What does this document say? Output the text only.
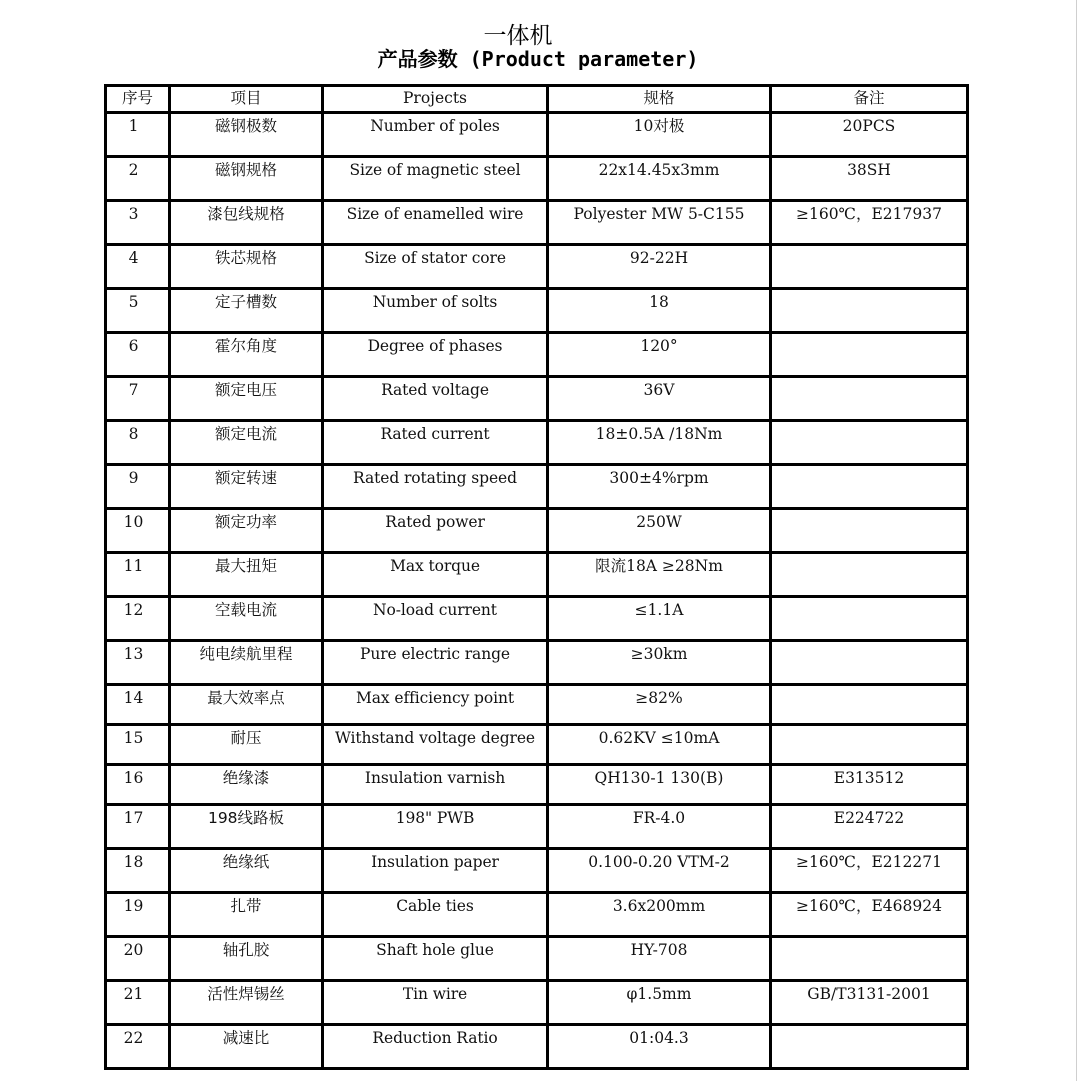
一体机
产品参数 (Product parameter)
序号	项目	Projects	规格	备注
1	磁钢极数	Number of poles	10对极	20PCS
2	磁钢规格	Size of magnetic steel	22x14.45x3mm	38SH
3	漆包线规格	Size of enamelled wire	Polyester MW 5-C155	≥160℃，E217937
4	铁芯规格	Size of stator core	92-22H	
5	定子槽数	Number of solts	18	
6	霍尔角度	Degree of phases	120°	
7	额定电压	Rated voltage	36V	
8	额定电流	Rated current	18±0.5A /18Nm	
9	额定转速	Rated rotating speed	300±4%rpm	
10	额定功率	Rated power	250W	
11	最大扭矩	Max torque	限流18A ≥28Nm	
12	空载电流	No-load current	≤1.1A	
13	纯电续航里程	Pure electric range	≥30km	
14	最大效率点	Max efficiency point	≥82%	
15	耐压	Withstand voltage degree	0.62KV ≤10mA	
16	绝缘漆	Insulation varnish	QH130-1 130(B)	E313512
17	198线路板	198" PWB	FR-4.0	E224722
18	绝缘纸	Insulation paper	0.100-0.20 VTM-2	≥160℃，E212271
19	扎带	Cable ties	3.6x200mm	≥160℃，E468924
20	轴孔胶	Shaft hole glue	HY-708	
21	活性焊锡丝	Tin wire	φ1.5mm	GB/T3131-2001
22	减速比	Reduction Ratio	01:04.3	
